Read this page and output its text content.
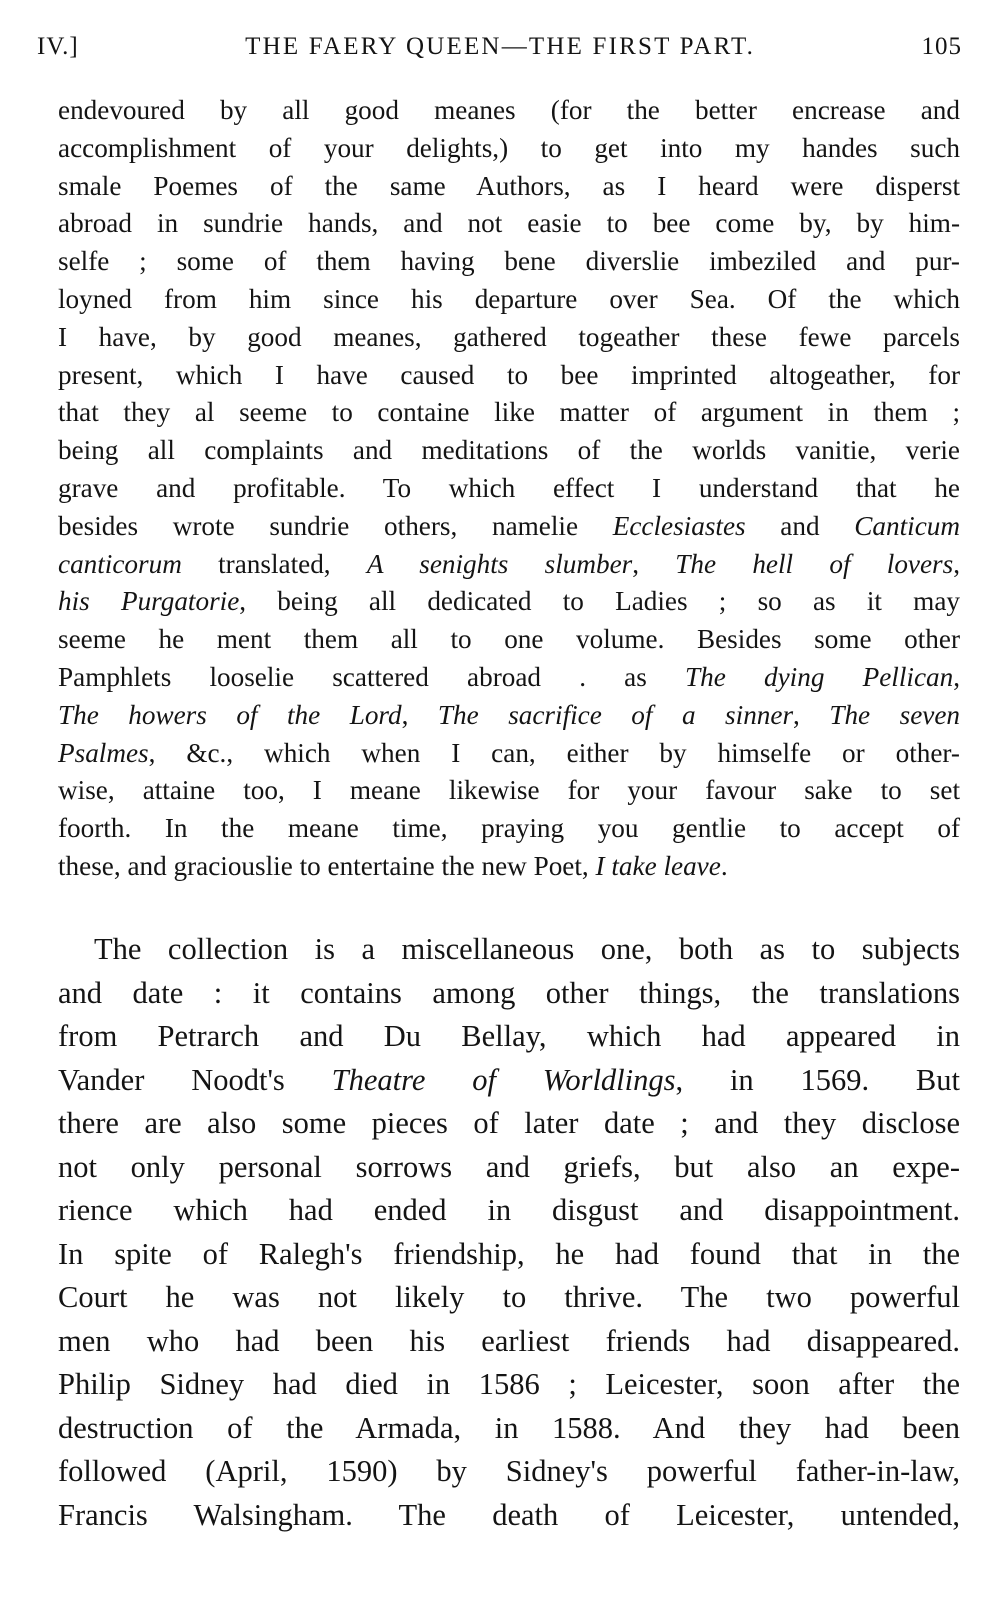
IV.]	THE FAERY QUEEN—THE FIRST PART.	105
endevoured by all good meanes (for the better encrease and
accomplishment of your delights,) to get into my handes such
smale Poemes of the same Authors, as I heard were disperst
abroad in sundrie hands, and not easie to bee come by, by him-
selfe ; some of them having bene diverslie imbeziled and pur-
loyned from him since his departure over Sea. Of the which
I have, by good meanes, gathered togeather these fewe parcels
present, which I have caused to bee imprinted altogeather, for
that they al seeme to containe like matter of argument in them ;
being all complaints and meditations of the worlds vanitie, verie
grave and profitable. To which effect I understand that he
besides wrote sundrie others, namelie Ecclesiastes and Canticum
canticorum translated, A senights slumber, The hell of lovers,
his Purgatorie, being all dedicated to Ladies ; so as it may
seeme he ment them all to one volume. Besides some other
Pamphlets looselie scattered abroad . as The dying Pellican,
The howers of the Lord, The sacrifice of a sinner, The seven
Psalmes, &c., which when I can, either by himselfe or other-
wise, attaine too, I meane likewise for your favour sake to set
foorth. In the meane time, praying you gentlie to accept of
these, and graciouslie to entertaine the new Poet, I take leave.
The collection is a miscellaneous one, both as to subjects
and date : it contains among other things, the translations
from Petrarch and Du Bellay, which had appeared in
Vander Noodt's Theatre of Worldlings, in 1569. But
there are also some pieces of later date ; and they disclose
not only personal sorrows and griefs, but also an expe-
rience which had ended in disgust and disappointment.
In spite of Ralegh's friendship, he had found that in the
Court he was not likely to thrive. The two powerful
men who had been his earliest friends had disappeared.
Philip Sidney had died in 1586 ; Leicester, soon after the
destruction of the Armada, in 1588. And they had been
followed (April, 1590) by Sidney's powerful father-in-law,
Francis Walsingham. The death of Leicester, untended,
